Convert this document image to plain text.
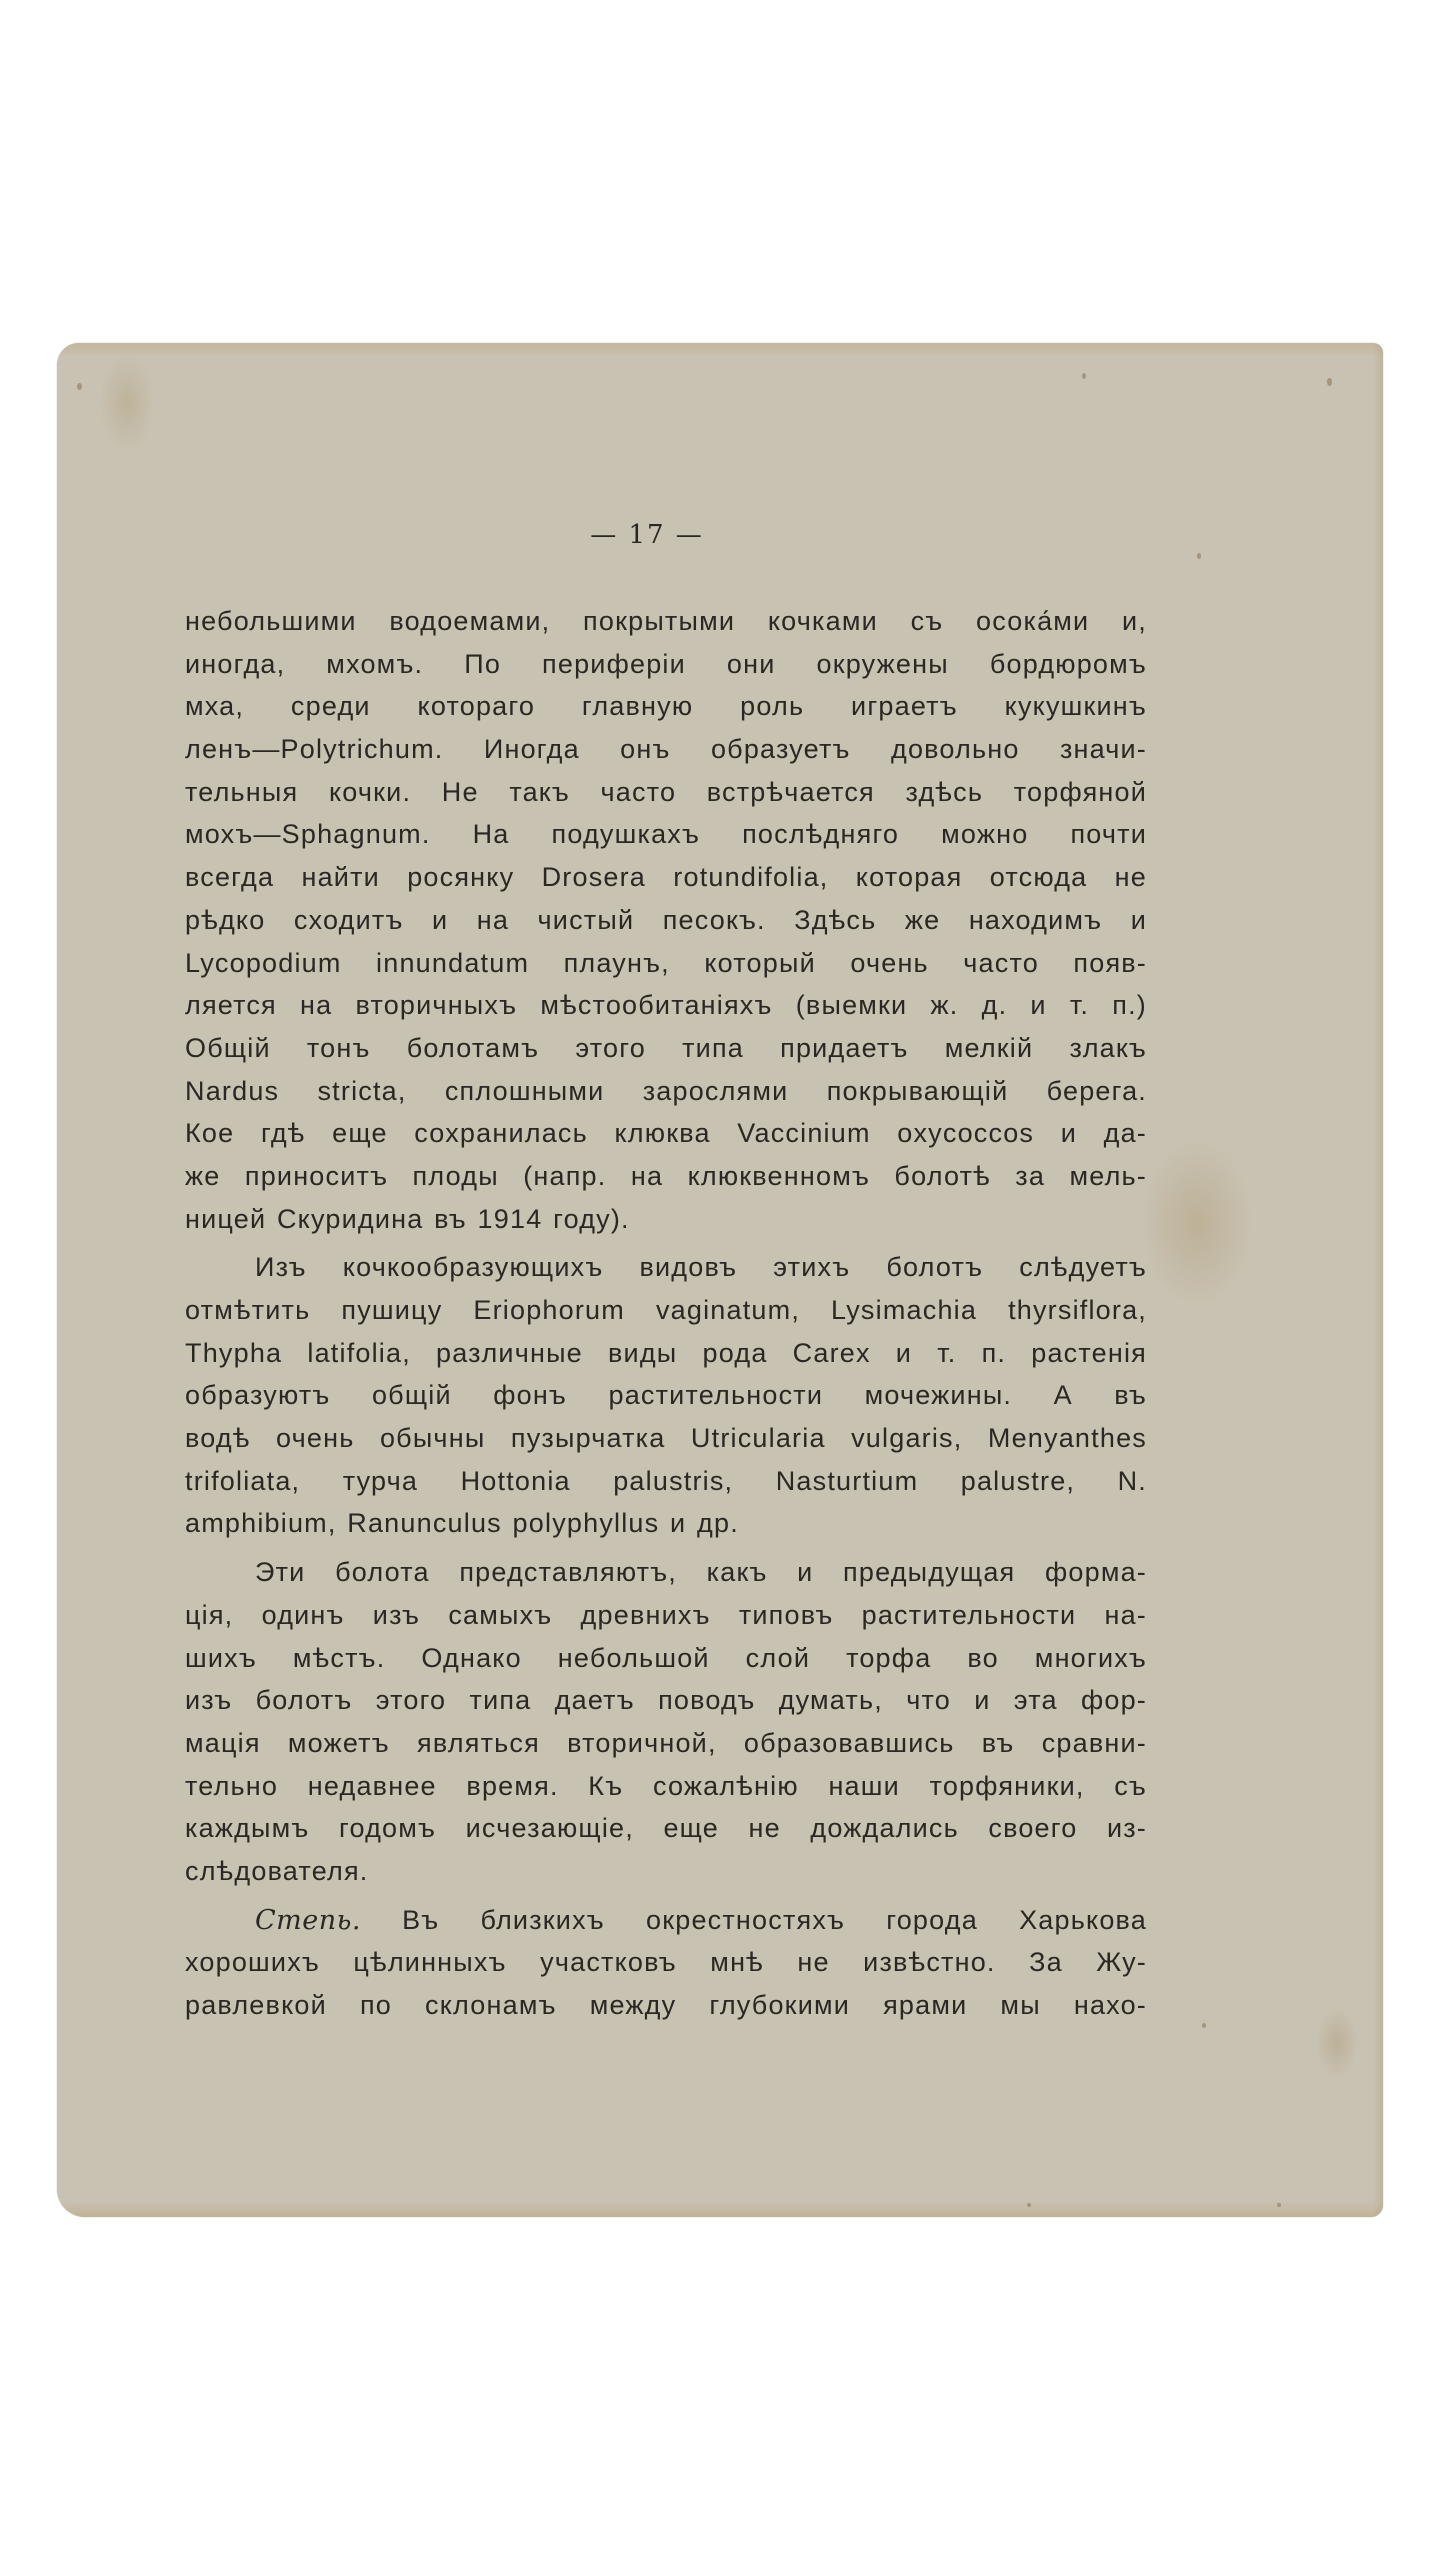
— 17 —
небольшими водоемами, покрытыми кочками съ осока́ми и,
иногда, мхомъ. По периферіи они окружены бордюромъ
мха, среди котораго главную роль играетъ кукушкинъ
ленъ—Polytrichum. Иногда онъ образуетъ довольно значи-
тельныя кочки. Не такъ часто встрѣчается здѣсь торфяной
мохъ—Sphagnum. На подушкахъ послѣдняго можно почти
всегда найти росянку Drosera rotundifolia, которая отсюда не
рѣдко сходитъ и на чистый песокъ. Здѣсь же находимъ и
Lycopodium innundatum плаунъ, который очень часто появ-
ляется на вторичныхъ мѣстообитаніяхъ (выемки ж. д. и т. п.)
Общій тонъ болотамъ этого типа придаетъ мелкій злакъ
Nardus stricta, сплошными зарослями покрывающій берега.
Кое гдѣ еще сохранилась клюква Vaccinium oxycoccos и да-
же приноситъ плоды (напр. на клюквенномъ болотѣ за мель-
ницей Скуридина въ 1914 году).
Изъ кочкообразующихъ видовъ этихъ болотъ слѣдуетъ
отмѣтить пушицу Eriophorum vaginatum, Lysimachia thyrsiflora,
Thypha latifolia, различные виды рода Carex и т. п. растенія
образуютъ общій фонъ растительности мочежины. А въ
водѣ очень обычны пузырчатка Utricularia vulgaris, Menyanthes
trifoliata, турча Hottonia palustris, Nasturtium palustre, N.
amphibium, Ranunculus polyphyllus и др.
Эти болота представляютъ, какъ и предыдущая форма-
ція, одинъ изъ самыхъ древнихъ типовъ растительности на-
шихъ мѣстъ. Однако небольшой слой торфа во многихъ
изъ болотъ этого типа даетъ поводъ думать, что и эта фор-
мація можетъ являться вторичной, образовавшись въ сравни-
тельно недавнее время. Къ сожалѣнію наши торфяники, съ
каждымъ годомъ исчезающіе, еще не дождались своего из-
слѣдователя.
Степь. Въ близкихъ окрестностяхъ города Харькова
хорошихъ цѣлинныхъ участковъ мнѣ не извѣстно. За Жу-
равлевкой по склонамъ между глубокими ярами мы нахо-
